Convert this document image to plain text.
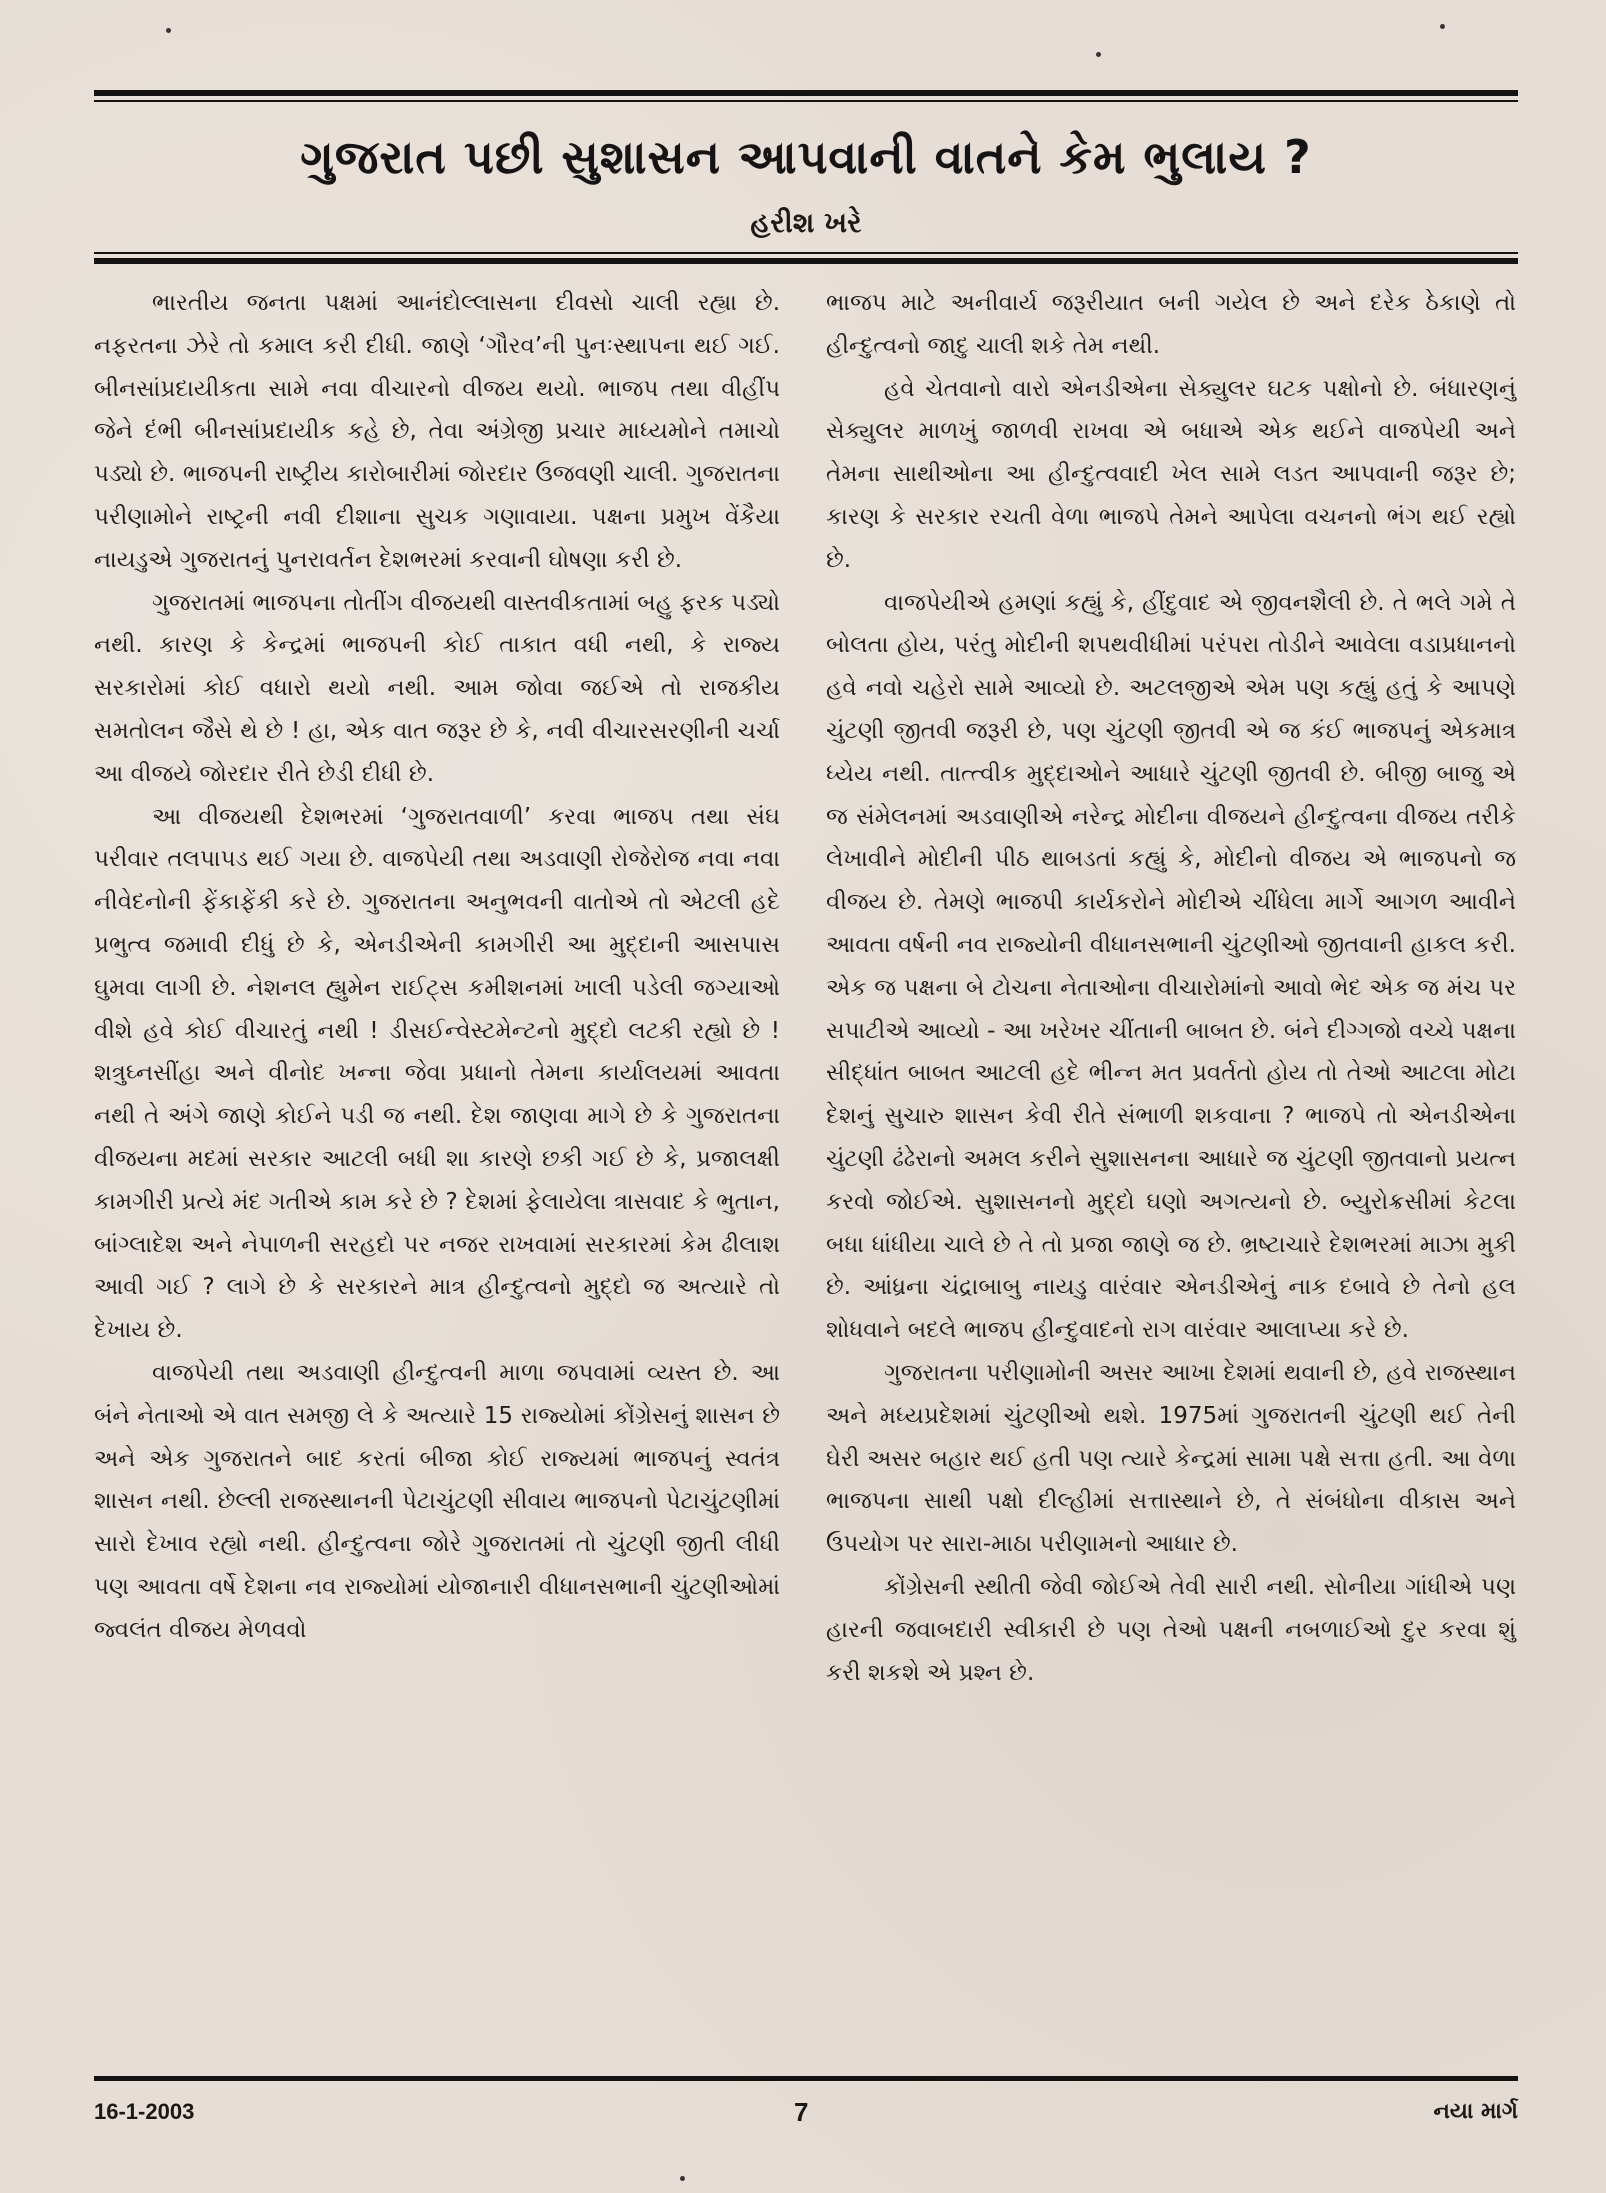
ગુજરાત પછી સુશાસન આપવાની વાતને કેમ ભુલાય ?
હરીશ ખરે

ભારતીય જનતા પક્ષમાં આનંદોલ્લાસના દીવસો ચાલી રહ્યા છે. નફરતના ઝેરે તો કમાલ કરી દીધી. જાણે ‘ગૌરવ’ની પુનઃસ્થાપના થઈ ગઈ. બીનસાંપ્રદાયીકતા સામે નવા વીચારનો વીજય થયો. ભાજપ તથા વીહીંપ જેને દંભી બીનસાંપ્રદાયીક કહે છે, તેવા અંગ્રેજી પ્રચાર માધ્યમોને તમાચો પડ્યો છે. ભાજપની રાષ્ટ્રીય કારોબારીમાં જોરદાર ઉજવણી ચાલી. ગુજરાતના પરીણામોને રાષ્ટ્રની નવી દીશાના સુચક ગણાવાયા. પક્ષના પ્રમુખ વેંકૈયા નાયડુએ ગુજરાતનું પુનરાવર્તન દેશભરમાં કરવાની ઘોષણા કરી છે.

ગુજરાતમાં ભાજપના તોતીંગ વીજયથી વાસ્તવીકતામાં બહુ ફરક પડ્યો નથી. કારણ કે કેન્દ્રમાં ભાજપની કોઈ તાકાત વધી નથી, કે રાજ્ય સરકારોમાં કોઈ વધારો થયો નથી. આમ જોવા જઈએ તો રાજકીય સમતોલન જૈસે થે છે ! હા, એક વાત જરૂર છે કે, નવી વીચારસરણીની ચર્ચા આ વીજયે જોરદાર રીતે છેડી દીધી છે.

આ વીજયથી દેશભરમાં ‘ગુજરાતવાળી’ કરવા ભાજપ તથા સંઘ પરીવાર તલપાપડ થઈ ગયા છે. વાજપેયી તથા અડવાણી રોજેરોજ નવા નવા નીવેદનોની ફેંકાફેંકી કરે છે. ગુજરાતના અનુભવની વાતોએ તો એટલી હદે પ્રભુત્વ જમાવી દીધું છે કે, એનડીએની કામગીરી આ મુદ્દાની આસપાસ ઘુમવા લાગી છે. નેશનલ હ્યુમેન રાઈટ્સ કમીશનમાં ખાલી પડેલી જગ્યાઓ વીશે હવે કોઈ વીચારતું નથી ! ડીસઈન્વેસ્ટમેન્ટનો મુદ્દો લટકી રહ્યો છે ! શત્રુઘ્નસીંહા અને વીનોદ ખન્ના જેવા પ્રધાનો તેમના કાર્યાલયમાં આવતા નથી તે અંગે જાણે કોઈને પડી જ નથી. દેશ જાણવા માગે છે કે ગુજરાતના વીજયના મદમાં સરકાર આટલી બધી શા કારણે છકી ગઈ છે કે, પ્રજાલક્ષી કામગીરી પ્રત્યે મંદ ગતીએ કામ કરે છે ? દેશમાં ફેલાયેલા ત્રાસવાદ કે ભુતાન, બાંગ્લાદેશ અને નેપાળની સરહદો પર નજર રાખવામાં સરકારમાં કેમ ઢીલાશ આવી ગઈ ? લાગે છે કે સરકારને માત્ર હીન્દુત્વનો મુદ્દો જ અત્યારે તો દેખાય છે.

વાજપેયી તથા અડવાણી હીન્દુત્વની માળા જપવામાં વ્યસ્ત છે. આ બંને નેતાઓ એ વાત સમજી લે કે અત્યારે 15 રાજ્યોમાં કોંગ્રેસનું શાસન છે અને એક ગુજરાતને બાદ કરતાં બીજા કોઈ રાજ્યમાં ભાજપનું સ્વતંત્ર શાસન નથી. છેલ્લી રાજસ્થાનની પેટાચુંટણી સીવાય ભાજપનો પેટાચુંટણીમાં સારો દેખાવ રહ્યો નથી. હીન્દુત્વના જોરે ગુજરાતમાં તો ચુંટણી જીતી લીધી પણ આવતા વર્ષે દેશના નવ રાજ્યોમાં યોજાનારી વીધાનસભાની ચુંટણીઓમાં જ્વલંત વીજય મેળવવો

ભાજપ માટે અનીવાર્ય જરૂરીયાત બની ગયેલ છે અને દરેક ઠેકાણે તો હીન્દુત્વનો જાદુ ચાલી શકે તેમ નથી.

હવે ચેતવાનો વારો એનડીએના સેક્યુલર ઘટક પક્ષોનો છે. બંધારણનું સેક્યુલર માળખું જાળવી રાખવા એ બધાએ એક થઈને વાજપેયી અને તેમના સાથીઓના આ હીન્દુત્વવાદી ખેલ સામે લડત આપવાની જરૂર છે; કારણ કે સરકાર રચતી વેળા ભાજપે તેમને આપેલા વચનનો ભંગ થઈ રહ્યો છે.

વાજપેયીએ હમણાં કહ્યું કે, હીંદુવાદ એ જીવનશૈલી છે. તે ભલે ગમે તે બોલતા હોય, પરંતુ મોદીની શપથવીધીમાં પરંપરા તોડીને આવેલા વડાપ્રધાનનો હવે નવો ચહેરો સામે આવ્યો છે. અટલજીએ એમ પણ કહ્યું હતું કે આપણે ચુંટણી જીતવી જરૂરી છે, પણ ચુંટણી જીતવી એ જ કંઈ ભાજપનું એકમાત્ર ધ્યેય નથી. તાત્ત્વીક મુદ્દાઓને આધારે ચુંટણી જીતવી છે. બીજી બાજુ એ જ સંમેલનમાં અડવાણીએ નરેન્દ્ર મોદીના વીજયને હીન્દુત્વના વીજય તરીકે લેખાવીને મોદીની પીઠ થાબડતાં કહ્યું કે, મોદીનો વીજય એ ભાજપનો જ વીજય છે. તેમણે ભાજપી કાર્યકરોને મોદીએ ચીંધેલા માર્ગે આગળ આવીને આવતા વર્ષની નવ રાજ્યોની વીધાનસભાની ચુંટણીઓ જીતવાની હાકલ કરી. એક જ પક્ષના બે ટોચના નેતાઓના વીચારોમાંનો આવો ભેદ એક જ મંચ પર સપાટીએ આવ્યો - આ ખરેખર ચીંતાની બાબત છે. બંને દીગ્ગજો વચ્ચે પક્ષના સીદ્ધાંત બાબત આટલી હદે ભીન્ન મત પ્રવર્તતો હોય તો તેઓ આટલા મોટા દેશનું સુચારુ શાસન કેવી રીતે સંભાળી શકવાના ? ભાજપે તો એનડીએના ચુંટણી ઢંઢેરાનો અમલ કરીને સુશાસનના આધારે જ ચુંટણી જીતવાનો પ્રયત્ન કરવો જોઈએ. સુશાસનનો મુદ્દો ઘણો અગત્યનો છે. બ્યુરોક્રસીમાં કેટલા બધા ધાંધીયા ચાલે છે તે તો પ્રજા જાણે જ છે. ભ્રષ્ટાચારે દેશભરમાં માઝા મુકી છે. આંધ્રના ચંદ્રાબાબુ નાયડુ વારંવાર એનડીએનું નાક દબાવે છે તેનો હલ શોધવાને બદલે ભાજપ હીન્દુવાદનો રાગ વારંવાર આલાપ્યા કરે છે.

ગુજરાતના પરીણામોની અસર આખા દેશમાં થવાની છે, હવે રાજસ્થાન અને મધ્યપ્રદેશમાં ચુંટણીઓ થશે. 1975માં ગુજરાતની ચુંટણી થઈ તેની ઘેરી અસર બહાર થઈ હતી પણ ત્યારે કેન્દ્રમાં સામા પક્ષે સત્તા હતી. આ વેળા ભાજપના સાથી પક્ષો દીલ્હીમાં સત્તાસ્થાને છે, તે સંબંધોના વીકાસ અને ઉપયોગ પર સારા-માઠા પરીણામનો આધાર છે.

કોંગ્રેસની સ્થીતી જેવી જોઈએ તેવી સારી નથી. સોનીયા ગાંધીએ પણ હારની જવાબદારી સ્વીકારી છે પણ તેઓ પક્ષની નબળાઈઓ દુર કરવા શું કરી શકશે એ પ્રશ્ન છે.

16-1-2003	7	નયા માર્ગ
